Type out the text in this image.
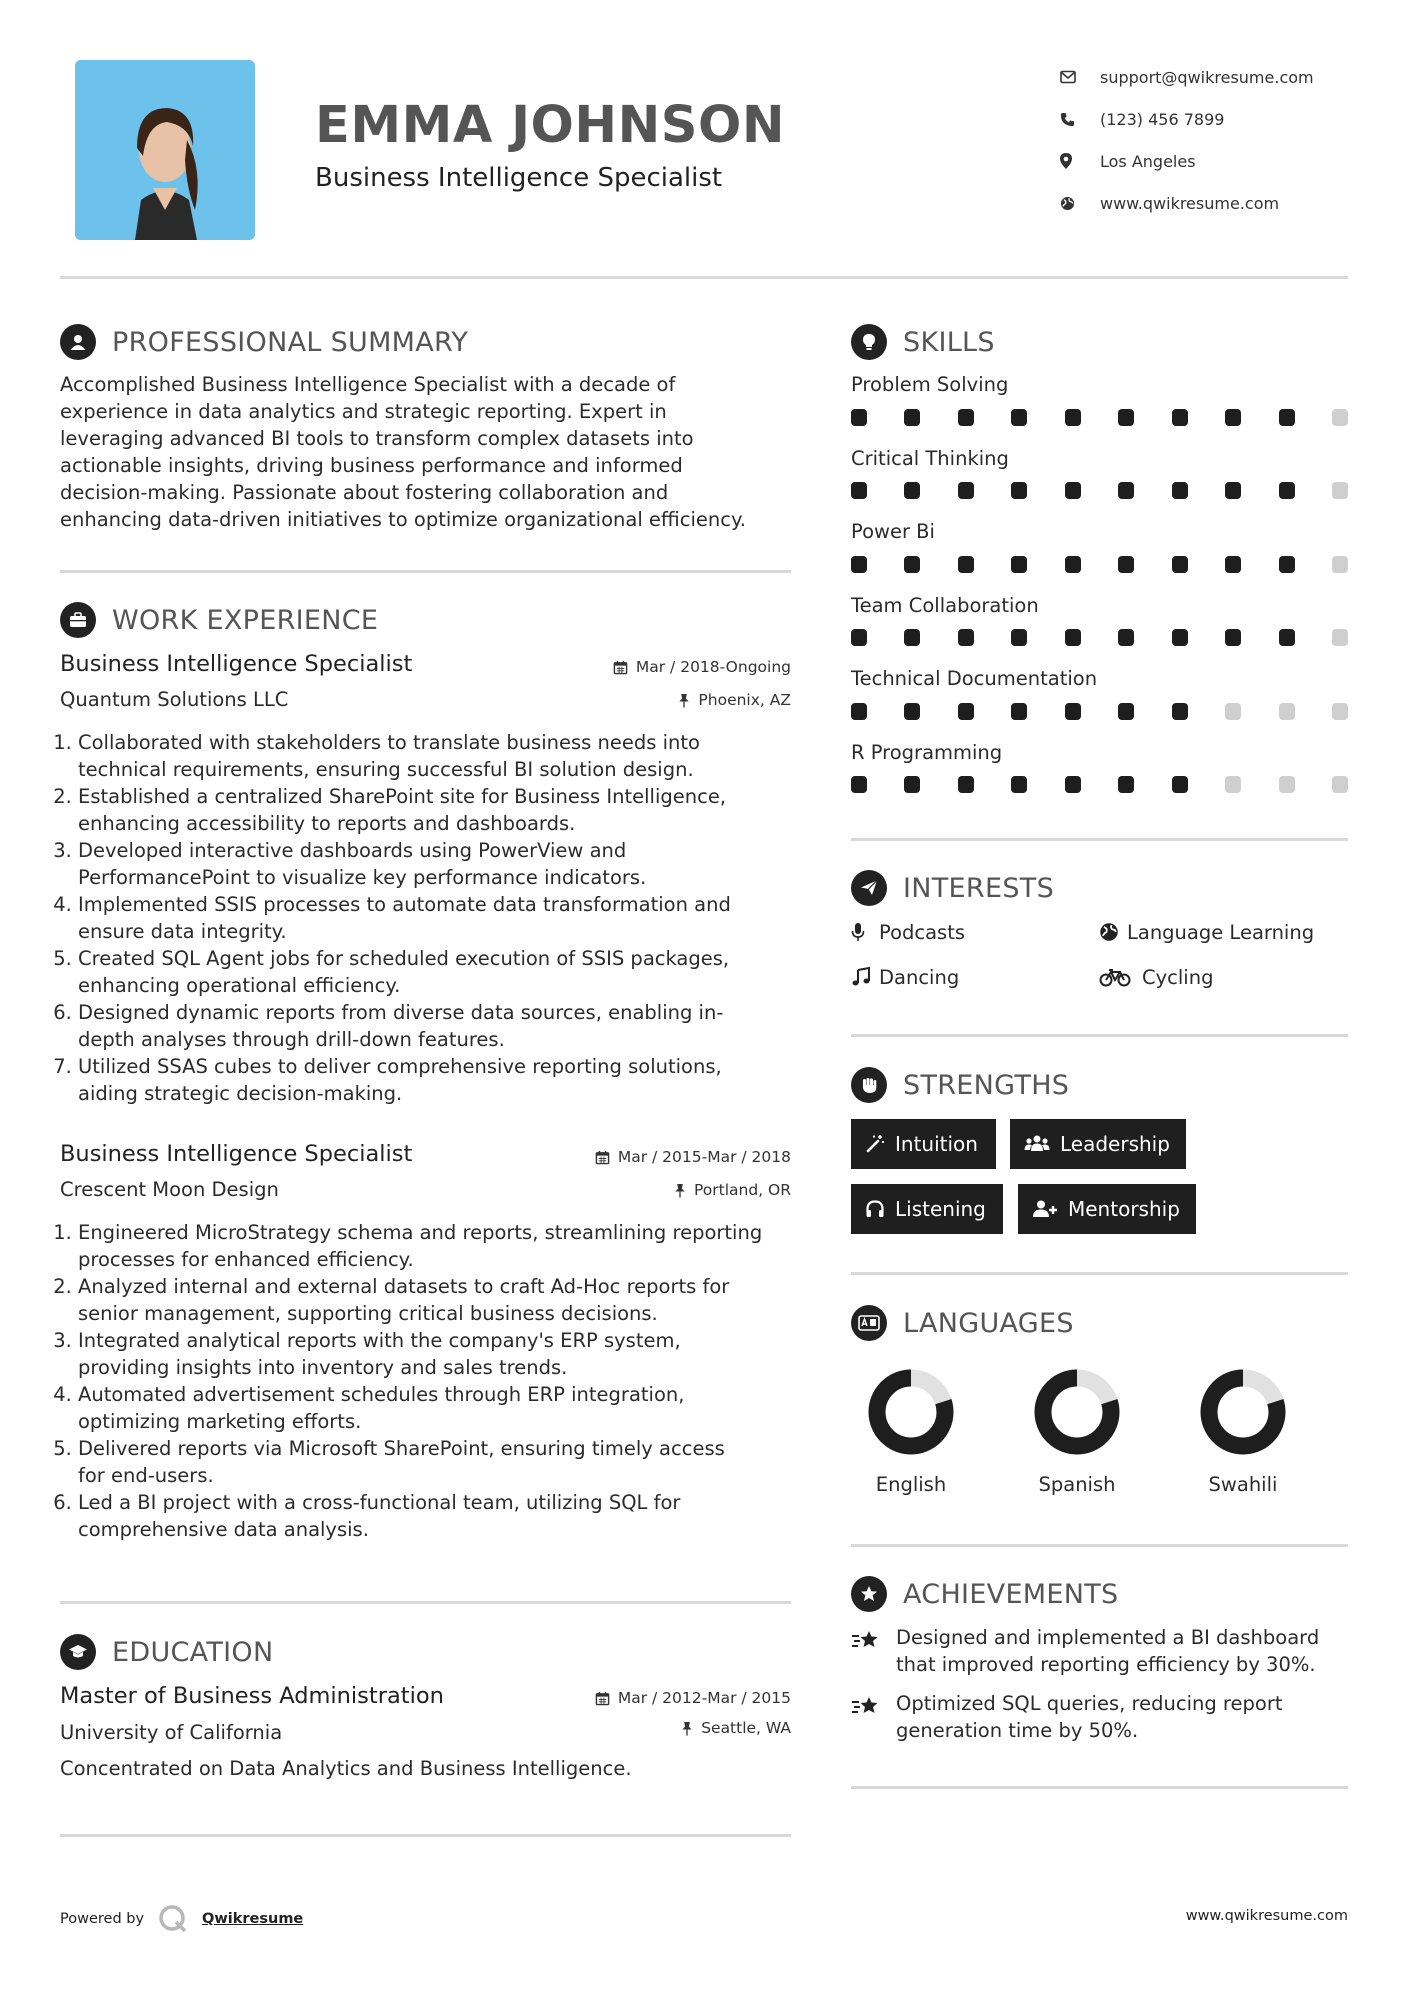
EMMA JOHNSON
Business Intelligence Specialist
support@qwikresume.com
(123) 456 7899
Los Angeles
www.qwikresume.com
PROFESSIONAL SUMMARY
Accomplished Business Intelligence Specialist with a decade of
experience in data analytics and strategic reporting. Expert in
leveraging advanced BI tools to transform complex datasets into
actionable insights, driving business performance and informed
decision-making. Passionate about fostering collaboration and
enhancing data-driven initiatives to optimize organizational efficiency.
WORK EXPERIENCE
Business Intelligence Specialist	Mar / 2018-Ongoing
Quantum Solutions LLC	Phoenix, AZ
1. Collaborated with stakeholders to translate business needs into
technical requirements, ensuring successful BI solution design.
2. Established a centralized SharePoint site for Business Intelligence,
enhancing accessibility to reports and dashboards.
3. Developed interactive dashboards using PowerView and
PerformancePoint to visualize key performance indicators.
4. Implemented SSIS processes to automate data transformation and
ensure data integrity.
5. Created SQL Agent jobs for scheduled execution of SSIS packages,
enhancing operational efficiency.
6. Designed dynamic reports from diverse data sources, enabling in-
depth analyses through drill-down features.
7. Utilized SSAS cubes to deliver comprehensive reporting solutions,
aiding strategic decision-making.
Business Intelligence Specialist	Mar / 2015-Mar / 2018
Crescent Moon Design	Portland, OR
1. Engineered MicroStrategy schema and reports, streamlining reporting
processes for enhanced efficiency.
2. Analyzed internal and external datasets to craft Ad-Hoc reports for
senior management, supporting critical business decisions.
3. Integrated analytical reports with the company's ERP system,
providing insights into inventory and sales trends.
4. Automated advertisement schedules through ERP integration,
optimizing marketing efforts.
5. Delivered reports via Microsoft SharePoint, ensuring timely access
for end-users.
6. Led a BI project with a cross-functional team, utilizing SQL for
comprehensive data analysis.
EDUCATION
Master of Business Administration	Mar / 2012-Mar / 2015
University of California	Seattle, WA
Concentrated on Data Analytics and Business Intelligence.
SKILLS
Problem Solving
Critical Thinking
Power Bi
Team Collaboration
Technical Documentation
R Programming
INTERESTS
Podcasts	Language Learning
Dancing	Cycling
STRENGTHS
Intuition	Leadership
Listening	Mentorship
LANGUAGES
English	Spanish	Swahili
ACHIEVEMENTS
Designed and implemented a BI dashboard
that improved reporting efficiency by 30%.
Optimized SQL queries, reducing report
generation time by 50%.
Powered by	Qwikresume	www.qwikresume.com
